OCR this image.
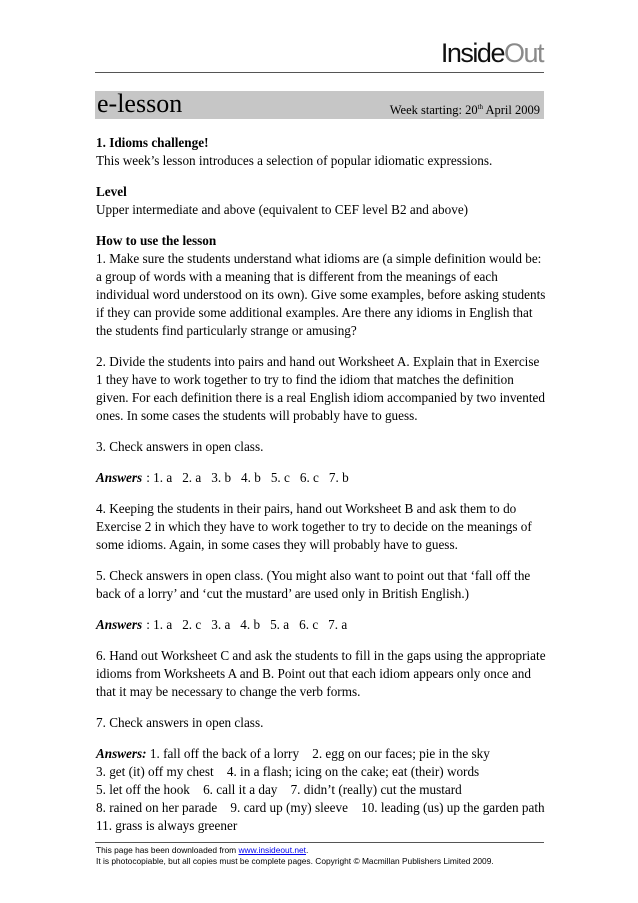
InsideOut
e-lesson	Week starting: 20th April 2009

1. Idioms challenge!
This week’s lesson introduces a selection of popular idiomatic expressions.

Level
Upper intermediate and above (equivalent to CEF level B2 and above)

How to use the lesson
1. Make sure the students understand what idioms are (a simple definition would be: a group of words with a meaning that is different from the meanings of each individual word understood on its own). Give some examples, before asking students if they can provide some additional examples. Are there any idioms in English that the students find particularly strange or amusing?

2. Divide the students into pairs and hand out Worksheet A. Explain that in Exercise 1 they have to work together to try to find the idiom that matches the definition given. For each definition there is a real English idiom accompanied by two invented ones. In some cases the students will probably have to guess.

3. Check answers in open class.

Answers : 1. a 2. a 3. b 4. b 5. c 6. c 7. b

4. Keeping the students in their pairs, hand out Worksheet B and ask them to do Exercise 2 in which they have to work together to try to decide on the meanings of some idioms. Again, in some cases they will probably have to guess.

5. Check answers in open class. (You might also want to point out that ‘fall off the back of a lorry’ and ‘cut the mustard’ are used only in British English.)

Answers : 1. a 2. c 3. a 4. b 5. a 6. c 7. a

6. Hand out Worksheet C and ask the students to fill in the gaps using the appropriate idioms from Worksheets A and B. Point out that each idiom appears only once and that it may be necessary to change the verb forms.

7. Check answers in open class.

Answers: 1. fall off the back of a lorry    2. egg on our faces; pie in the sky
3. get (it) off my chest    4. in a flash; icing on the cake; eat (their) words
5. let off the hook    6. call it a day    7. didn’t (really) cut the mustard
8. rained on her parade    9. card up (my) sleeve    10. leading (us) up the garden path
11. grass is always greener

This page has been downloaded from www.insideout.net.
It is photocopiable, but all copies must be complete pages. Copyright © Macmillan Publishers Limited 2009.
